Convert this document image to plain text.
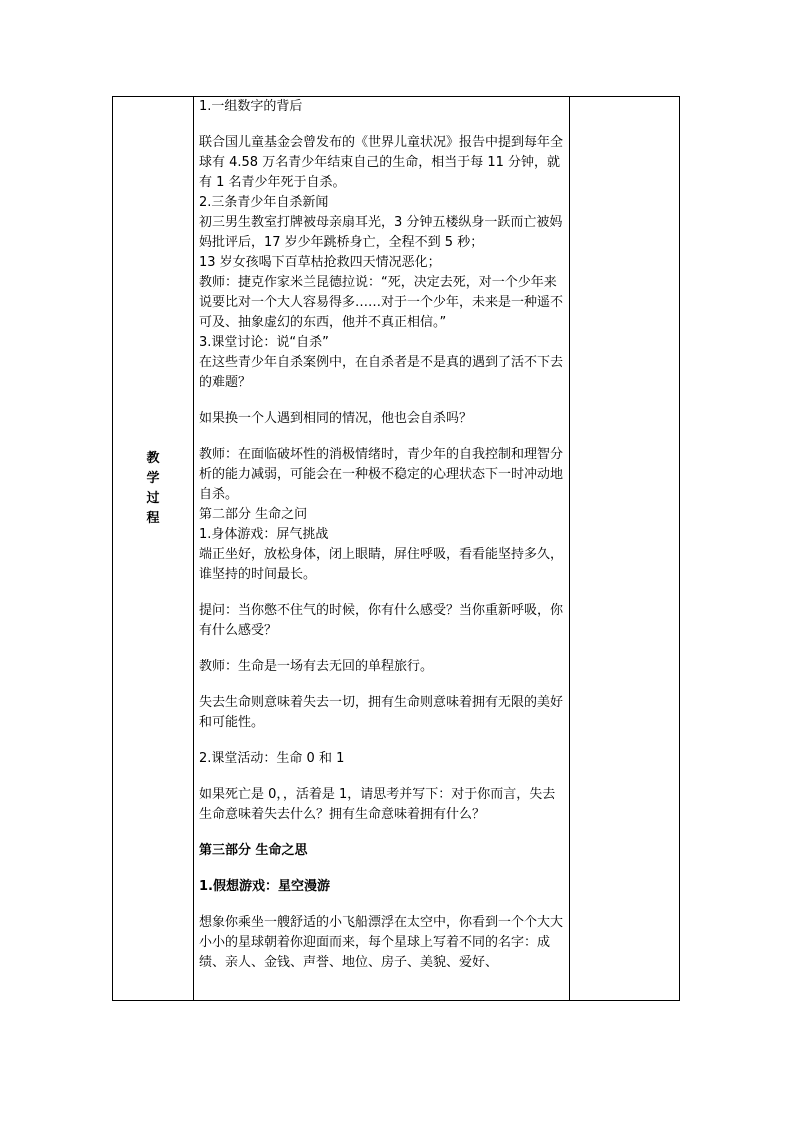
教
学
过
程

1.一组数字的背后

联合国儿童基金会曾发布的《世界儿童状况》报告中提到每年全球有 4.58 万名青少年结束自己的生命，相当于每 11 分钟，就有 1 名青少年死于自杀。

2.三条青少年自杀新闻

初三男生教室打牌被母亲扇耳光，3 分钟五楼纵身一跃而亡被妈妈批评后，17 岁少年跳桥身亡，全程不到 5 秒；

13 岁女孩喝下百草枯抢救四天情况恶化；

教师：捷克作家米兰昆德拉说：“死，决定去死，对一个少年来说要比对一个大人容易得多……对于一个少年，未来是一种遥不可及、抽象虚幻的东西，他并不真正相信。”

3.课堂讨论：说“自杀”

在这些青少年自杀案例中，在自杀者是不是真的遇到了活不下去的难题？

如果换一个人遇到相同的情况，他也会自杀吗？

教师：在面临破坏性的消极情绪时，青少年的自我控制和理智分析的能力减弱，可能会在一种极不稳定的心理状态下一时冲动地自杀。

第二部分 生命之问

1.身体游戏：屏气挑战

端正坐好，放松身体，闭上眼睛，屏住呼吸，看看能坚持多久，谁坚持的时间最长。

提问：当你憋不住气的时候，你有什么感受？当你重新呼吸，你有什么感受？

教师：生命是一场有去无回的单程旅行。

失去生命则意味着失去一切，拥有生命则意味着拥有无限的美好和可能性。

2.课堂活动：生命 0 和 1

如果死亡是 0，，活着是 1，请思考并写下：对于你而言，失去生命意味着失去什么？拥有生命意味着拥有什么？

第三部分 生命之思

1.假想游戏：星空漫游

想象你乘坐一艘舒适的小飞船漂浮在太空中，你看到一个个大大小小的星球朝着你迎面而来，每个星球上写着不同的名字：成绩、亲人、金钱、声誉、地位、房子、美貌、爱好、
